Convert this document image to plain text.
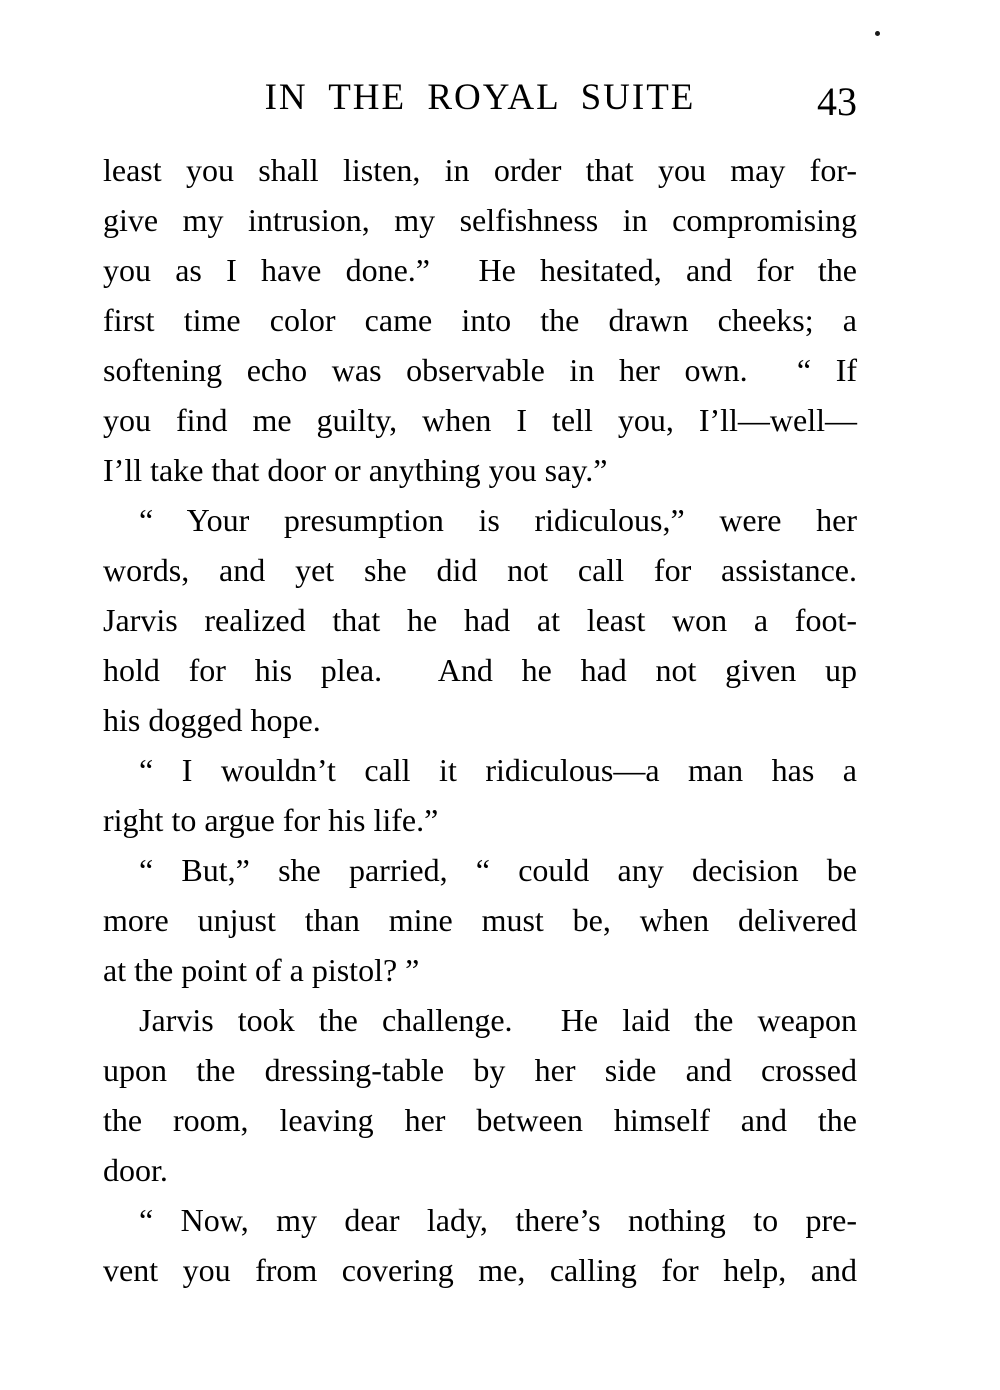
IN THE ROYAL SUITE	43
least you shall listen, in order that you may for-
give my intrusion, my selfishness in compromising
you as I have done.”  He hesitated, and for the
first time color came into the drawn cheeks; a
softening echo was observable in her own.  “ If
you find me guilty, when I tell you, I’ll—well—
I’ll take that door or anything you say.”
“ Your presumption is ridiculous,” were her
words, and yet she did not call for assistance.
Jarvis realized that he had at least won a foot-
hold for his plea.  And he had not given up
his dogged hope.
“ I wouldn’t call it ridiculous—a man has a
right to argue for his life.”
“ But,” she parried, “ could any decision be
more unjust than mine must be, when delivered
at the point of a pistol? ”
Jarvis took the challenge.  He laid the weapon
upon the dressing-table by her side and crossed
the room, leaving her between himself and the
door.
“ Now, my dear lady, there’s nothing to pre-
vent you from covering me, calling for help, and
